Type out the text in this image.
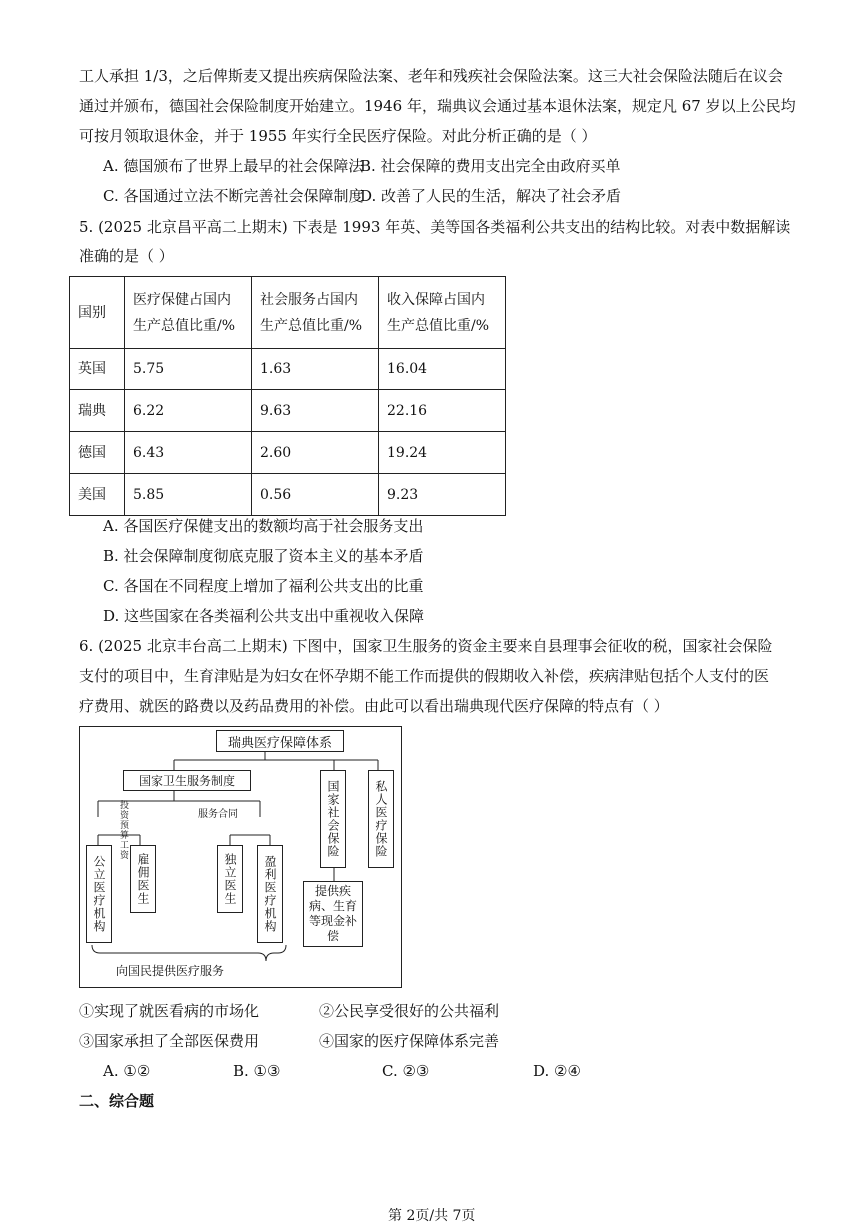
工人承担 1/3，之后俾斯麦又提出疾病保险法案、老年和残疾社会保险法案。这三大社会保险法随后在议会
通过并颁布，德国社会保险制度开始建立。1946 年，瑞典议会通过基本退休法案，规定凡 67 岁以上公民均
可按月领取退休金，并于 1955 年实行全民医疗保险。对此分析正确的是（ ）
A. 德国颁布了世界上最早的社会保障法
B. 社会保障的费用支出完全由政府买单
C. 各国通过立法不断完善社会保障制度
D. 改善了人民的生活，解决了社会矛盾
5. (2025 北京昌平高二上期末) 下表是 1993 年英、美等国各类福利公共支出的结构比较。对表中数据解读
准确的是（ ）
国别	医疗保健占国内生产总值比重/%	社会服务占国内生产总值比重/%	收入保障占国内生产总值比重/%
英国	5.75	1.63	16.04
瑞典	6.22	9.63	22.16
德国	6.43	2.60	19.24
美国	5.85	0.56	9.23
A. 各国医疗保健支出的数额均高于社会服务支出
B. 社会保障制度彻底克服了资本主义的基本矛盾
C. 各国在不同程度上增加了福利公共支出的比重
D. 这些国家在各类福利公共支出中重视收入保障
6. (2025 北京丰台高二上期末) 下图中，国家卫生服务的资金主要来自县理事会征收的税，国家社会保险
支付的项目中，生育津贴是为妇女在怀孕期不能工作而提供的假期收入补偿，疾病津贴包括个人支付的医
疗费用、就医的路费以及药品费用的补偿。由此可以看出瑞典现代医疗保障的特点有（ ）
瑞典医疗保障体系
国家卫生服务制度	国家社会保险	私人医疗保险
投资预算工资	服务合同
公立医疗机构	雇佣医生	独立医生	盈利医疗机构	提供疾病、生育等现金补偿
向国民提供医疗服务
①实现了就医看病的市场化	②公民享受很好的公共福利
③国家承担了全部医保费用	④国家的医疗保障体系完善
A. ①②	B. ①③	C. ②③	D. ②④
二、综合题
第 2页/共 7页
